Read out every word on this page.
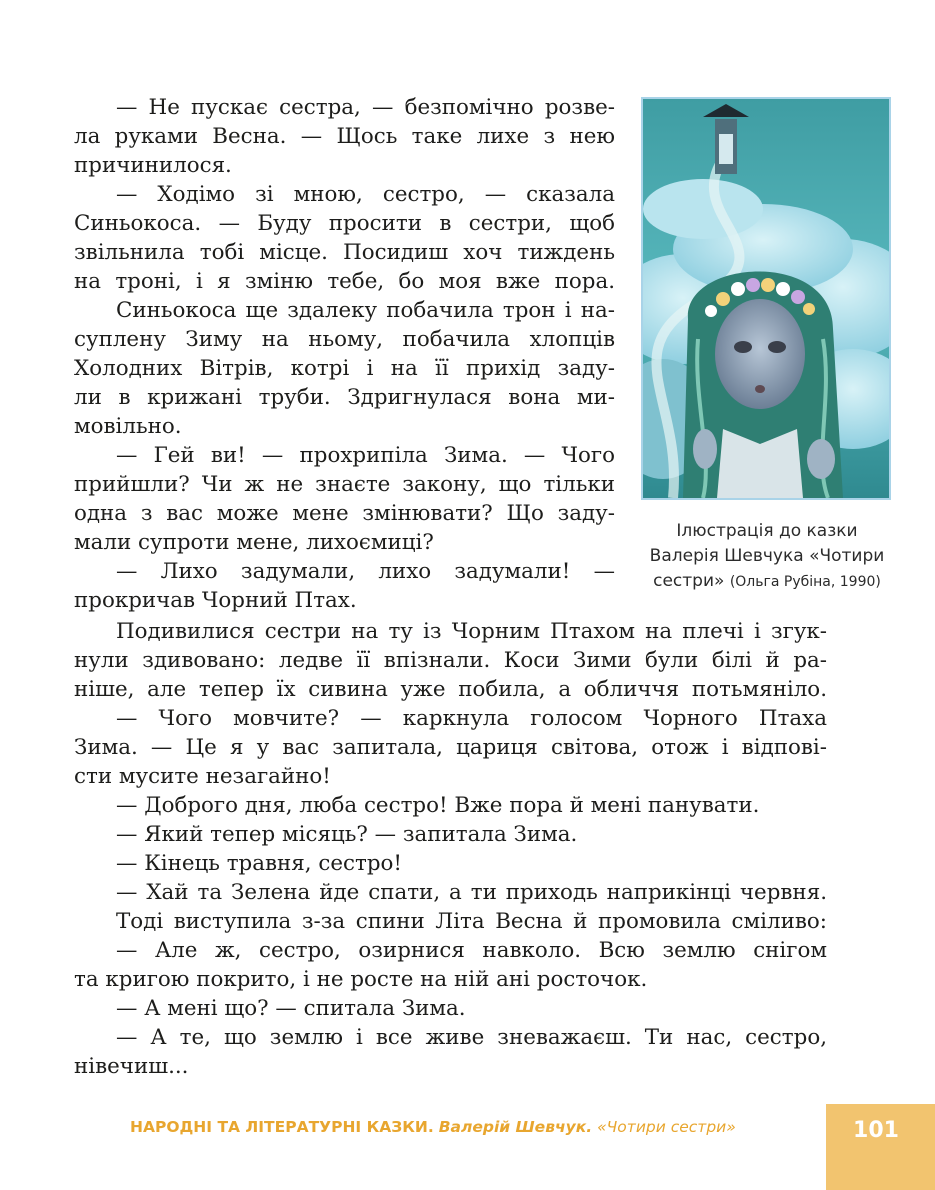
— Не пускає сестра, — безпомічно розве-
ла руками Весна. — Щось таке лихе з нею
причинилося.
— Ходімо зі мною, сестро, — сказала
Синьокоса. — Буду просити в сестри, щоб
звільнила тобі місце. Посидиш хоч тиждень
на троні, і я зміню тебе, бо моя вже пора.
Синьокоса ще здалеку побачила трон і на-
суплену Зиму на ньому, побачила хлопців
Холодних Вітрів, котрі і на її прихід заду-
ли в крижані труби. Здригнулася вона ми-
мовільно.
— Гей ви! — прохрипіла Зима. — Чого
прийшли? Чи ж не знаєте закону, що тільки
одна з вас може мене змінювати? Що заду-
мали супроти мене, лихоємиці?
— Лихо задумали, лихо задумали! —
прокричав Чорний Птах.
Подивилися сестри на ту із Чорним Птахом на плечі і згук-
нули здивовано: ледве її впізнали. Коси Зими були білі й ра-
ніше, але тепер їх сивина уже побила, а обличчя потьмяніло.
— Чого мовчите? — каркнула голосом Чорного Птаха
Зима. — Це я у вас запитала, цариця світова, отож і відпові-
сти мусите незагайно!
— Доброго дня, люба сестро! Вже пора й мені панувати.
— Який тепер місяць? — запитала Зима.
— Кінець травня, сестро!
— Хай та Зелена йде спати, а ти приходь наприкінці червня.
Тоді виступила з-за спини Літа Весна й промовила сміливо:
— Але ж, сестро, озирнися навколо. Всю землю снігом
та кригою покрито, і не росте на ній ані росточок.
— А мені що? — спитала Зима.
— А те, що землю і все живе зневажаєш. Ти нас, сестро,
нівечиш...
Ілюстрація до казки
Валерія Шевчука «Чотири
сестри» (Ольга Рубіна, 1990)
НАРОДНІ ТА ЛІТЕРАТУРНІ КАЗКИ. Валерій Шевчук. «Чотири сестри»	101
